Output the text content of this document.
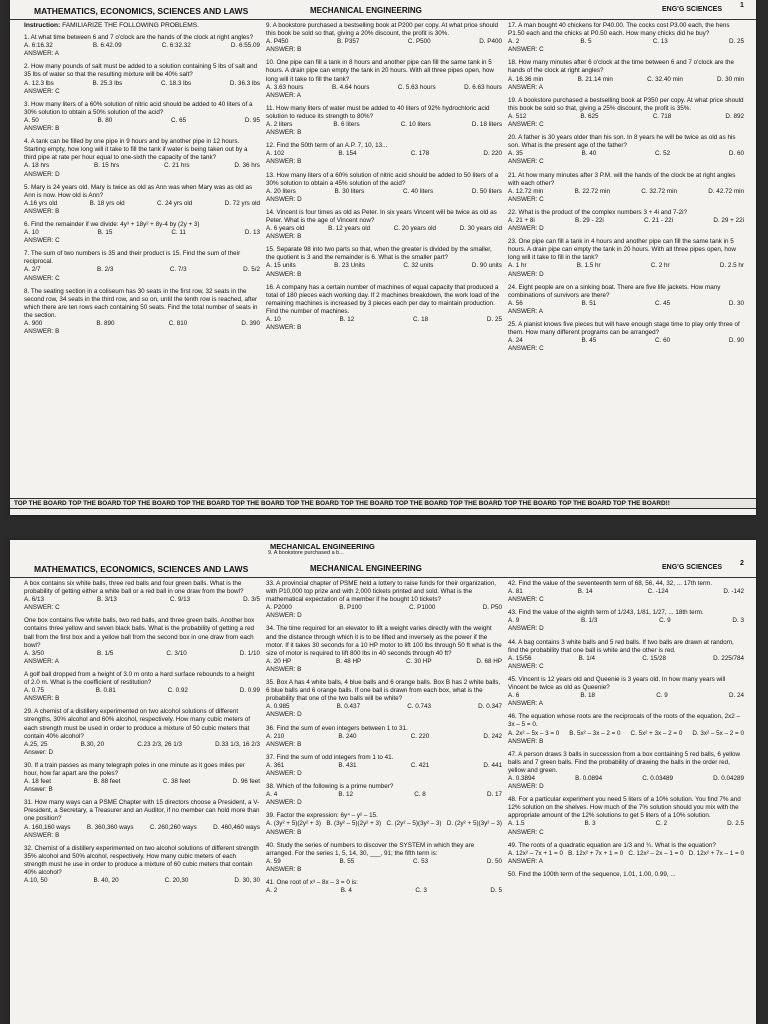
MATHEMATICS, ECONOMICS, SCIENCES AND LAWS	MECHANICAL ENGINEERING	ENG'G SCIENCES
1
Instruction: FAMILIARIZE THE FOLLOWING PROBLEMS.

1. At what time between 6 and 7 o'clock are the hands of the clock at right angles?

A. 6:16.32	B. 6:42.09	C. 6:32.32	D. 6:55.09

ANSWER: A

2. How many pounds of salt must be added to a solution containing 5 lbs of salt and 35 lbs of water so that the resulting mixture will be 40% salt?

A. 12.3 lbs	B. 25.3 lbs	C. 18.3 lbs	D. 36.3 lbs

ANSWER: C

3. How many liters of a 60% solution of nitric acid should be added to 40 liters of a 30% solution to obtain a 50% solution of the acid?

A. 50	B. 80	C. 65	D. 95

ANSWER: B

4. A tank can be filled by one pipe in 9 hours and by another pipe in 12 hours. Starting empty, how long will it take to fill the tank if water is being taken out by a third pipe at rate per hour equal to one-sixth the capacity of the tank?

A. 18 hrs	B. 15 hrs	C. 21 hrs	D. 36 hrs

ANSWER: D

5. Mary is 24 years old. Mary is twice as old as Ann was when Mary was as old as Ann is now. How old is Ann?

A.16 yrs old	B. 18 yrs old	C. 24 yrs old	D. 72 yrs old

ANSWER: B

6. Find the remainder if we divide: 4y³ + 18y² + 8y-4 by (2y + 3)

A. 10	B. 15	C. 11	D. 13

ANSWER: C

7. The sum of two numbers is 35 and their product is 15. Find the sum of their reciprocal.

A. 2/7	B. 2/3	C. 7/3	D. 5/2

ANSWER: C

8. The seating section in a coliseum has 30 seats in the first row, 32 seats in the second row, 34 seats in the third row, and so on, until the tenth row is reached, after which there are ten rows each containing 50 seats. Find the total number of seats in the section.

A. 900	B. 890	C. 810	D. 390

ANSWER: B

9. A bookstore purchased a bestselling book at P200 per copy. At what price should this book be sold so that, giving a 20% discount, the profit is 30%.

A. P450	B. P357	C. P500	D. P400

ANSWER: B

10. One pipe can fill a tank in 8 hours and another pipe can fill the same tank in 5 hours. A drain pipe can empty the tank in 20 hours. With all three pipes open, how long will it take to fill the tank?

A. 3.63 hours	B. 4.64 hours	C. 5.63 hours	D. 6.63 hours

ANSWER: A

11. How many liters of water must be added to 40 liters of 92% hydrochloric acid solution to reduce its strength to 80%?

A. 2 liters	B. 6 liters	C. 10 liters	D. 18 liters

ANSWER: B

12. Find the 50th term of an A.P. 7, 10, 13...

A. 102	B. 154	C. 178	D. 220

ANSWER: B

13. How many liters of a 60% solution of nitric acid should be added to 50 liters of a 30% solution to obtain a 45% solution of the acid?

A. 20 liters	B. 30 liters	C. 40 liters	D. 50 liters

ANSWER: D

14. Vincent is four times as old as Peter. In six years Vincent will be twice as old as Peter. What is the age of Vincent now?

A. 6 years old	B. 12 years old	C. 20 years old	D. 30 years old

ANSWER: B

15. Separate 98 into two parts so that, when the greater is divided by the smaller, the quotient is 3 and the remainder is 6. What is the smaller part?

A. 15 units	B. 23 Units	C. 32 units	D. 90 units

ANSWER: B

16. A company has a certain number of machines of equal capacity that produced a total of 180 pieces each working day. If 2 machines breakdown, the work load of the remaining machines is increased by 3 pieces each per day to maintain production. Find the number of machines.

A. 10	B. 12	C. 18	D. 25

ANSWER: B

17. A man bought 40 chickens for P40.00. The cocks cost P3.00 each, the hens P1.50 each and the chicks at P0.50 each. How many chicks did he buy?

A. 2	B. 5	C. 13	D. 25

ANSWER: C

18. How many minutes after 6 o'clock at the time between 6 and 7 o'clock are the hands of the clock at right angles?

A. 16.36 min	B. 21.14 min	C. 32.40 min	D. 30 min

ANSWER: A

19. A bookstore purchased a bestselling book at P350 per copy. At what price should this book be sold so that, giving a 25% discount, the profit is 35%.

A. 512	B. 625	C. 718	D. 892

ANSWER: C

20. A father is 30 years older than his son. In 8 years he will be twice as old as his son. What is the present age of the father?

A. 35	B. 40	C. 52	D. 60

ANSWER: C

21. At how many minutes after 3 P.M. will the hands of the clock be at right angles with each other?

A. 12.72 min	B. 22.72 min	C. 32.72 min	D. 42.72 min

ANSWER: C

22. What is the product of the complex numbers 3 + 4i and 7-2i?

A. 21 + 8i	B. 29 - 22i	C. 21 - 22i	D. 29 + 22i

ANSWER: D

23. One pipe can fill a tank in 4 hours and another pipe can fill the same tank in 5 hours. A drain pipe can empty the tank in 20 hours. With all three pipes open, how long will it take to fill in the tank?

A. 1 hr	B. 1.5 hr	C. 2 hr	D. 2.5 hr

ANSWER: D

24. Eight people are on a sinking boat. There are five life jackets. How many combinations of survivors are there?

A. 56	B. 51	C. 45	D. 30

ANSWER: A

25. A pianist knows five pieces but will have enough stage time to play only three of them. How many different programs can be arranged?

A. 24	B. 45	C. 60	D. 90

ANSWER: C

TOP THE BOARD TOP THE BOARD TOP THE BOARD TOP THE BOARD TOP THE BOARD TOP THE BOARD TOP THE BOARD TOP THE BOARD TOP THE BOARD TOP THE BOARD TOP THE BOARD TOP THE BOARD!!
MECHANICAL ENGINEERING
9. A bookstore purchased a b...
MATHEMATICS, ECONOMICS, SCIENCES AND LAWS	MECHANICAL ENGINEERING	ENG'G SCIENCES
2

A box contains six white balls, three red balls and four green balls. What is the probability of getting either a white ball or a red ball in one draw from the bowl?

A. 6/13	B. 3/13	C. 9/13	D. 3/5

ANSWER: C

One box contains five white balls, two red balls, and three green balls. Another box contains three yellow and seven black balls. What is the probability of getting a red ball from the first box and a yellow ball from the second box in one draw from each bowl?

A. 3/50	B. 1/5	C. 3/10	D. 1/10

ANSWER: A

A golf ball dropped from a height of 3.0 m onto a hard surface rebounds to a height of 2.0 m. What is the coefficient of restitution?

A. 0.75	B. 0.81	C. 0.92	D. 0.99

ANSWER: B

29. A chemist of a distillery experimented on two alcohol solutions of different strengths, 30% alcohol and 60% alcohol, respectively. How many cubic meters of each strength must be used in order to produce a mixture of 50 cubic meters that contain 40% alcohol?

A.25, 25	B.30, 20	C.23 2/3, 26 1/3	D.33 1/3, 16 2/3

Answer: D

30. If a train passes as many telegraph poles in one minute as it goes miles per hour, how far apart are the poles?

A. 18 feet	B. 88 feet	C. 38 feet	D. 96 feet

Answer: B

31. How many ways can a PSME Chapter with 15 directors choose a President, a V-President, a Secretary, a Treasurer and an Auditor, if no member can hold more than one position?

A. 160,160 ways	B. 360,360 ways	C. 260,260 ways	D. 460,460 ways

ANSWER: B

32. Chemist of a distillery experimented on two alcohol solutions of different strength 35% alcohol and 50% alcohol, respectively. How many cubic meters of each strength must he use in order to produce a mixture of 60 cubic meters that contain 40% alcohol?

A.10, 50	B. 40, 20	C. 20,30	D. 30, 30

33. A provincial chapter of PSME held a lottery to raise funds for their organization, with P10,000 top prize and with 2,000 tickets printed and sold. What is the mathematical expectation of a member if he bought 10 tickets?

A. P2000	B. P100	C. P1000	D. P50

ANSWER: D

34. The time required for an elevator to lift a weight varies directly with the weight and the distance through which it is to be lifted and inversely as the power if the motor. If it takes 30 seconds for a 10 HP motor to lift 100 lbs through 50 ft what is the size of motor is required to lift 800 lbs in 40 seconds through 40 ft?

A. 20 HP	B. 48 HP	C. 30 HP	D. 68 HP

ANSWER: B

35. Box A has 4 white balls, 4 blue balls and 6 orange balls. Box B has 2 white balls, 6 blue balls and 6 orange balls. If one ball is drawn from each box, what is the probability that one of the two balls will be white?

A. 0.985	B. 0.437	C. 0.743	D. 0.347

ANSWER: D

36. Find the sum of even integers between 1 to 31.

A. 210	B. 240	C. 220	D. 242

ANSWER: B

37. Find the sum of odd integers from 1 to 41.

A. 361	B. 431	C. 421	D. 441

ANSWER: D

38. Which of the following is a prime number?

A. 4	B. 12	C. 8	D. 17

ANSWER: D

39. Factor the expression: 6y⁴ – y² – 15.

A. (3y² + 5)(2y² + 3) B. (3y² – 5)(2y² + 3) C. (2y² – 5)(3y² – 3) D. (2y² + 5)(3y² – 3)

ANSWER: B

40. Study the series of numbers to discover the SYSTEM in which they are arranged. For the series 1, 5, 14, 30, ___, 91; the fifth term is:

A. 59	B. 55	C. 53	D. 50

ANSWER: B

41. One root of x³ – 8x – 3 = 0 is:

A. 2	B. 4	C. 3	D. 5

42. Find the value of the seventeenth term of 68, 56, 44, 32, ... 17th term.

A. 81	B. 14	C. -124	D. -142

ANSWER: C

43. Find the value of the eighth term of 1/243, 1/81, 1/27, ... 18th term.

A. 9	B. 1/3	C. 9	D. 3

ANSWER: D

44. A bag contains 3 white balls and 5 red balls. If two balls are drawn at random, find the probability that one ball is white and the other is red.

A. 15/56	B. 1/4	C. 15/28	D. 225/784

ANSWER: C

45. Vincent is 12 years old and Queenie is 3 years old. In how many years will Vincent be twice as old as Queenie?

A. 6	B. 18	C. 9	D. 24

ANSWER: A

46. The equation whose roots are the reciprocals of the roots of the equation, 2x2 – 3x – 5 = 0.

A. 2x² – 5x – 3 = 0 B. 5x² – 3x – 2 = 0 C. 5x² + 3x – 2 = 0 D. 3x² – 5x – 2 = 0

ANSWER: B

47. A person draws 3 balls in succession from a box containing 5 red balls, 6 yellow balls and 7 green balls. Find the probability of drawing the balls in the order red, yellow and green.

A. 0.3894	B. 0.0894	C. 0.03489	D. 0.04289

ANSWER: D

48. For a particular experiment you need 5 liters of a 10% solution. You find 7% and 12% solution on the shelves. How much of the 7% solution should you mix with the appropriate amount of the 12% solutions to get 5 liters of a 10% solution.

A. 1.5	B. 3	C. 2	D. 2.5

ANSWER: C

49. The roots of a quadratic equation are 1/3 and ¼. What is the equation?

A. 12x² – 7x + 1 = 0 B. 12x² + 7x + 1 = 0 C. 12x² – 2x – 1 = 0 D. 12x² + 7x – 1 = 0

ANSWER: A

50. Find the 100th term of the sequence, 1.01, 1.00, 0.99, ...
